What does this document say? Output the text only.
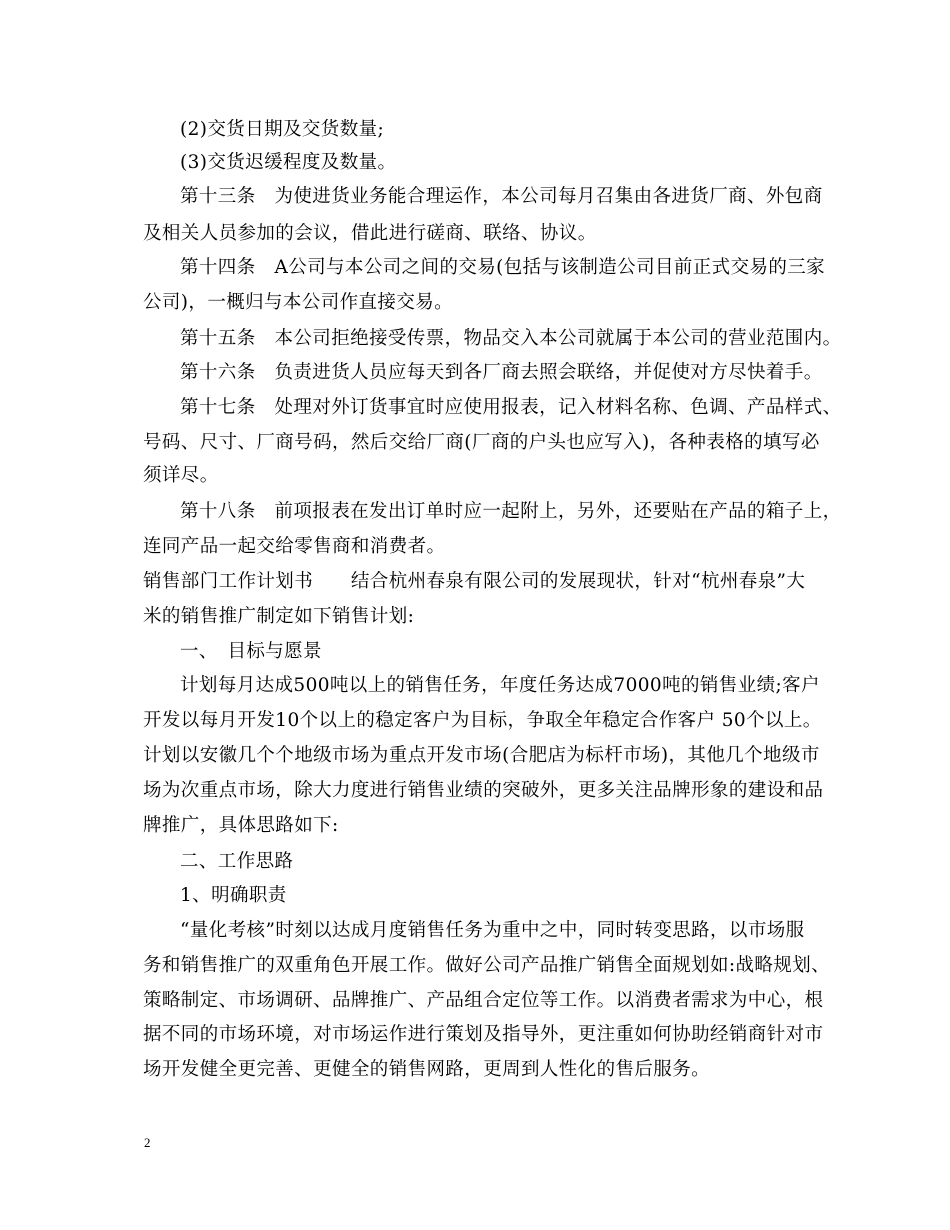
(2)交货日期及交货数量;
(3)交货迟缓程度及数量。
第十三条　为使进货业务能合理运作，本公司每月召集由各进货厂商、外包商
及相关人员参加的会议，借此进行磋商、联络、协议。
第十四条　A公司与本公司之间的交易(包括与该制造公司目前正式交易的三家
公司)，一概归与本公司作直接交易。
第十五条　本公司拒绝接受传票，物品交入本公司就属于本公司的营业范围内。
第十六条　负责进货人员应每天到各厂商去照会联络，并促使对方尽快着手。
第十七条　处理对外订货事宜时应使用报表，记入材料名称、色调、产品样式、
号码、尺寸、厂商号码，然后交给厂商(厂商的户头也应写入)，各种表格的填写必
须详尽。
第十八条　前项报表在发出订单时应一起附上，另外，还要贴在产品的箱子上，
连同产品一起交给零售商和消费者。
销售部门工作计划书　　结合杭州春泉有限公司的发展现状，针对“杭州春泉”大
米的销售推广制定如下销售计划:
一、　目标与愿景
计划每月达成500吨以上的销售任务，年度任务达成7000吨的销售业绩;客户
开发以每月开发10个以上的稳定客户为目标，争取全年稳定合作客户 50个以上。
计划以安徽几个个地级市场为重点开发市场(合肥店为标杆市场)，其他几个地级市
场为次重点市场，除大力度进行销售业绩的突破外，更多关注品牌形象的建设和品
牌推广，具体思路如下:
二、工作思路
1、明确职责
“量化考核”时刻以达成月度销售任务为重中之中，同时转变思路，以市场服
务和销售推广的双重角色开展工作。做好公司产品推广销售全面规划如:战略规划、
策略制定、市场调研、品牌推广、产品组合定位等工作。以消费者需求为中心，根
据不同的市场环境，对市场运作进行策划及指导外，更注重如何协助经销商针对市
场开发健全更完善、更健全的销售网路，更周到人性化的售后服务。
2
